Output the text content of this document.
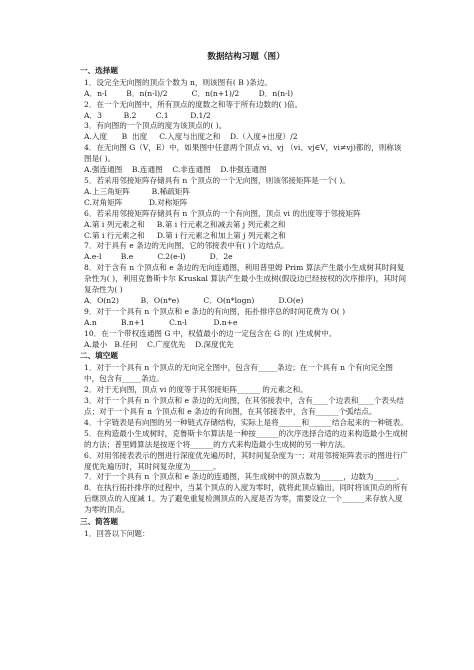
数据结构习题（图）
一、选择题

1．设完全无向图的顶点个数为 n，则该图有( B )条边。

A．n-l        B．n(n-l)/2          C．n(n+1)/2        D．n(n-l)

2．在一个无向图中，所有顶点的度数之和等于所有边数的( )倍。

A．3         B.2        C.1         D.1/2

3．有向图的一个顶点的度为该顶点的( )。

A.入度      B  出度     C.入度与出度之和    D.（入度+出度）/2

4．在无向图 G（V，E）中，如果图中任意两个顶点 vi、vj （vi、vj∈V，vi≠vj)都的，则称该图是( )。

A.强连通图    B.连通图    C.非连通图    D.非强连通图

5．若采用邻接矩阵存储具有 n 个顶点的一个无向图，则该邻接矩阵是一个( )。

A.上三角矩阵         B.稀疏矩阵

C.对角矩阵           D.对称矩阵

6．若采用邻接矩阵存储具有 n 个顶点的一个有向图，顶点 vi 的出度等于邻接矩阵

A.第 i 列元素之和     B.第 i 行元素之和减去第 j 列元素之和

C.第 i 行元素之和     D.第 i 行元素之和加上第 j 列元素之和

7．对于具有 e 条边的无向图，它的邻接表中有( )个边结点。

A.e-l        B.e          C.2(e-l)          D．2e

8．对于含有 n 个顶点和 e 条边的无向连通图，利用普里姆 Prim 算法产生最小生成树其时间复杂性为( )，利用克鲁斯卡尔 Kruskal 算法产生最小生成树(假设边已经按权的次序排序)，其时间复杂性为( )

A．O(n2)         B．O(n*e)          C．O(n*logn)          D.O(e)

9．对于一个具有 n 个顶点和 e 条边的有向图，拓扑排序总的时间花费为 O( )

A.n          B.n+1          C.n-l           D.n+e

10．在一个带权连通图 G 中，权值最小的边一定包含在 G 的( )生成树中。

A.最小   B.任何    C.广度优先    D.深度优先

二、填空题

1．对于一个具有 n 个顶点的无向完全图中，包含有_____条边；在一个具有 n 个有向完全图中，包含有_____条边。

2．对于无向图，顶点 vi 的度等于其邻接矩阵______ 的元素之和。

3．对于一个具有 n 个顶点和 e 条边的无向图，在其邻接表中，含有____个边表和____个表头结点；对于一个具有 n 个顶点和 e 条边的有向图，在其邻接表中，含有______个弧结点。

4．十字链表是有向图的另一种链式存储结构，实际上是将______和______结合起来的一种链表。

5．在构造最小生成树时，克鲁斯卡尔算法是一种按______的次序选择合适的边来构造最小生成树的方法；普里姆算法是按逐个将______的方式来构造最小生成树的另一种方法。

6．对用邻接表表示的图进行深度优先遍历时，其时间复杂度为一；对用邻接矩阵表示的图进行广度优先遍历时，其时间复杂度为______。

7．对于一个具有 n 个顶点和 e 条边的连通图，其生成树中的顶点数为______，边数为______。

8．在执行拓扑排序的过程中，当某个顶点的入度为零时，就将此顶点输出，同时将该顶点的所有后继顶点的入度减 1。为了避免重复检测顶点的入度是否为零，需要设立一个______来存放入度为零的顶点。

三、简答题

1．回答以下问题：
